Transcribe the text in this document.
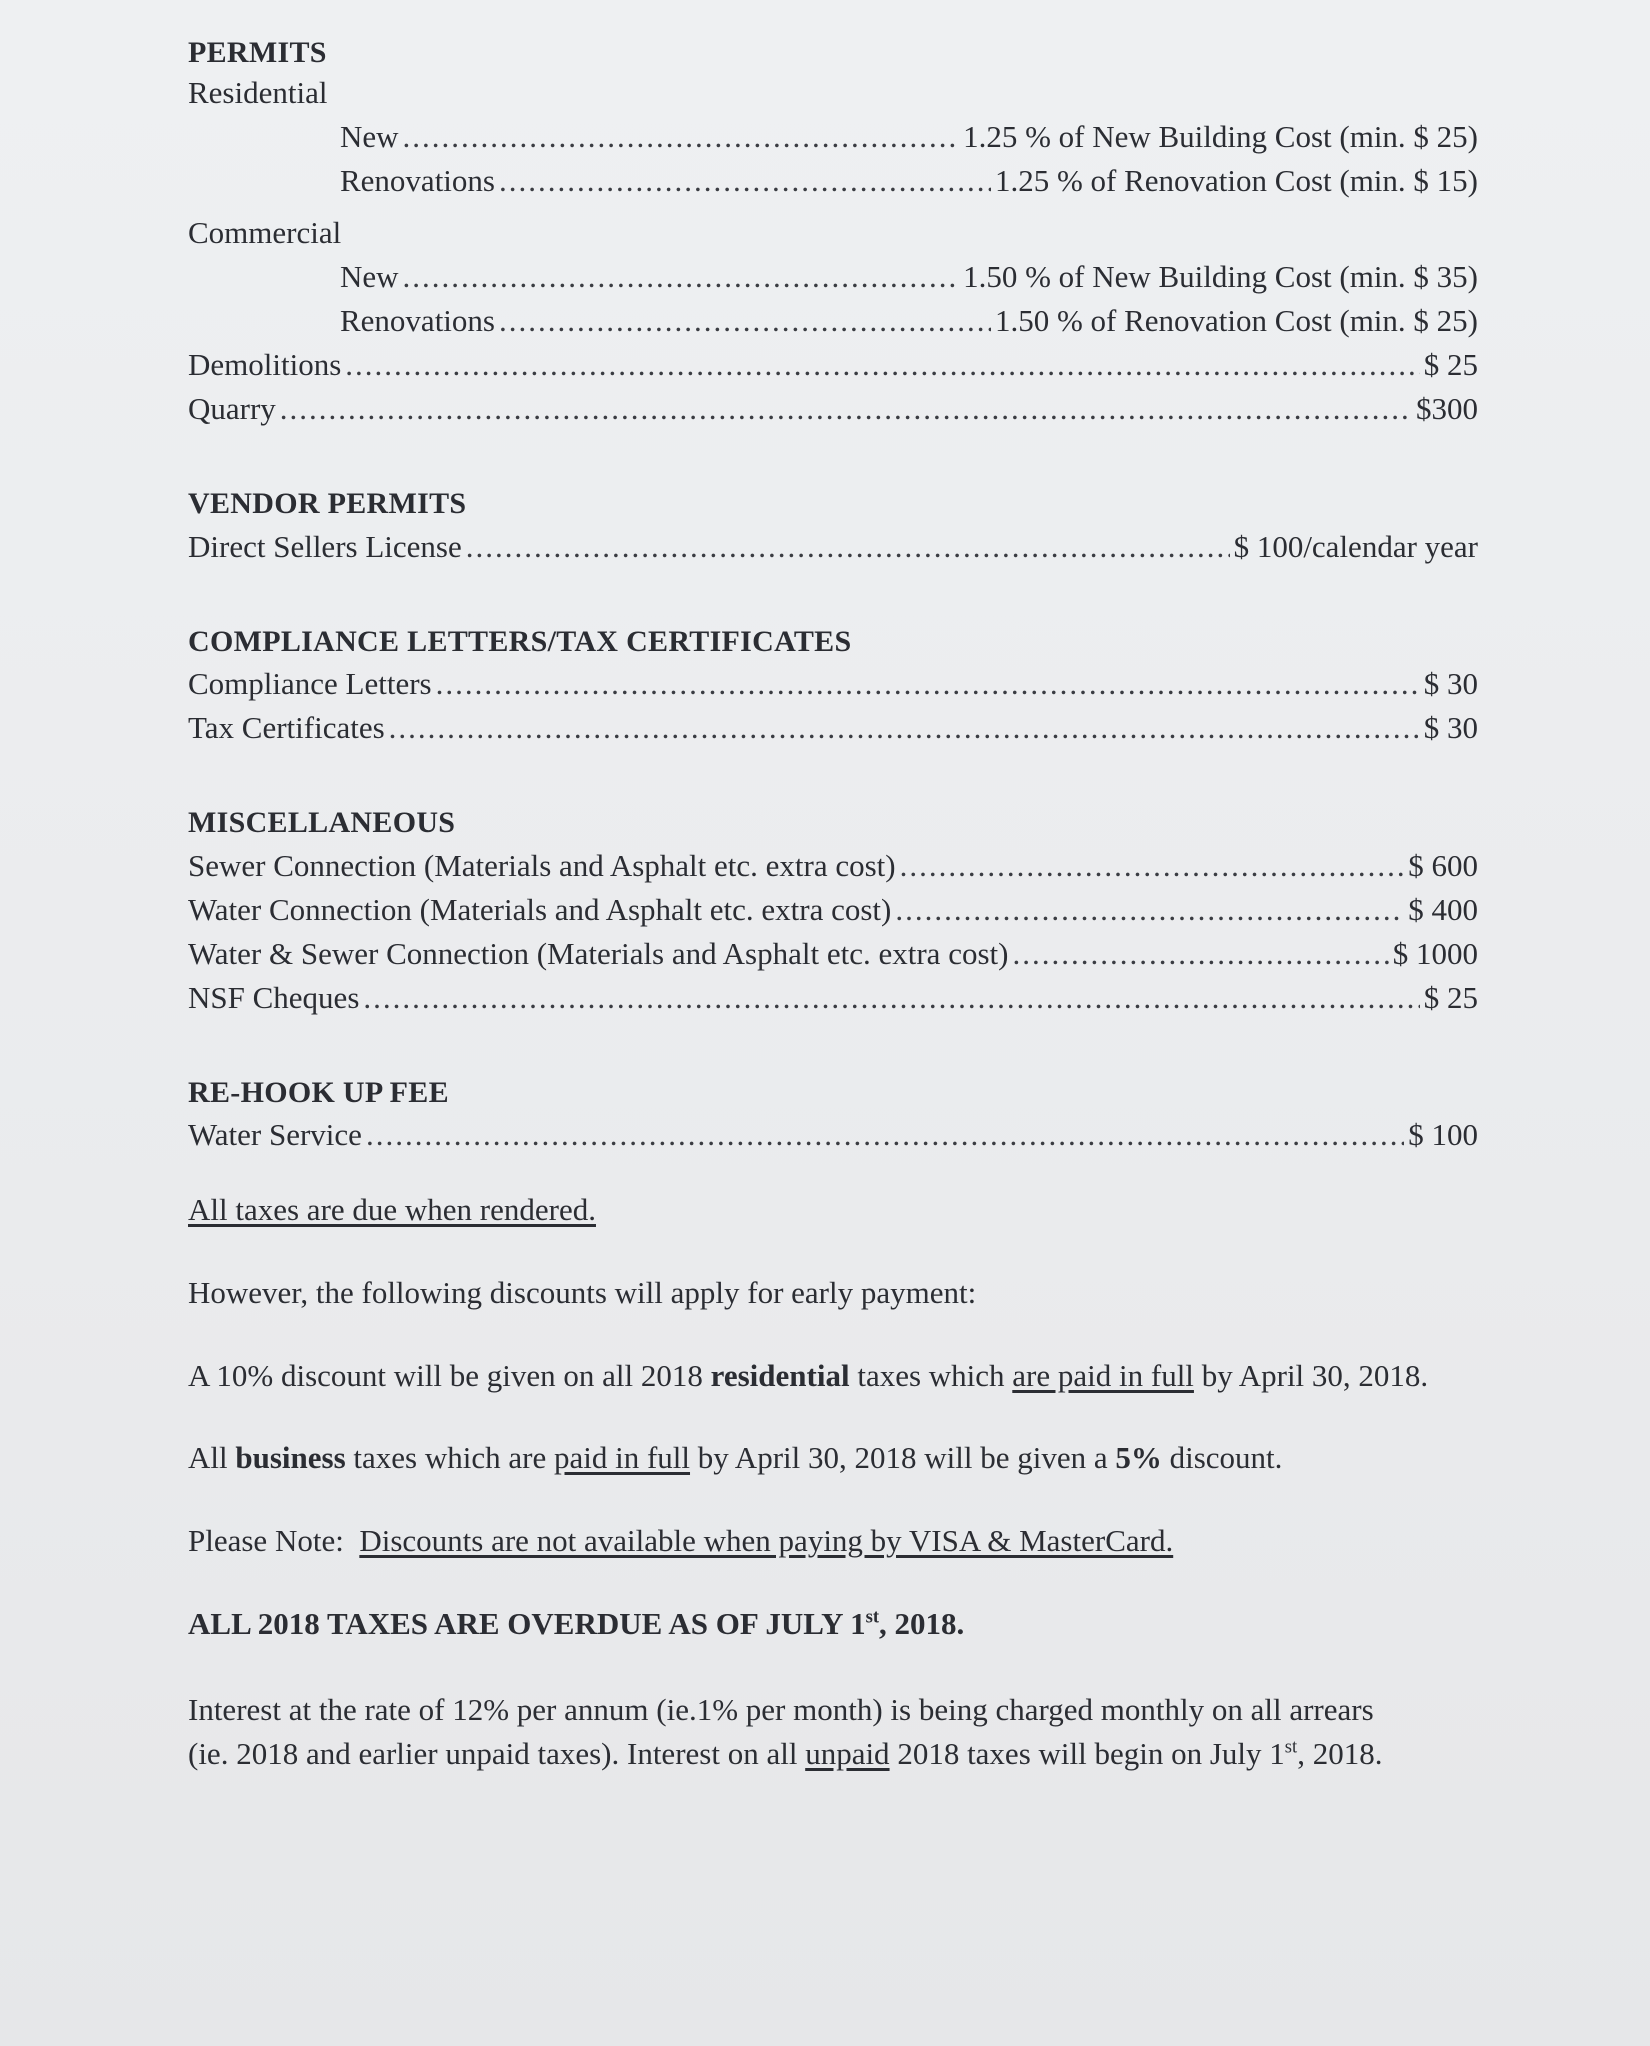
PERMITS
Residential
New .....	1.25 % of New Building Cost (min. $ 25)
Renovations .....	1.25 % of Renovation Cost (min. $ 15)
Commercial
New .....	1.50 % of New Building Cost (min. $ 35)
Renovations .....	1.50 % of Renovation Cost (min. $ 25)
Demolitions .....	$ 25
Quarry .....	$300
VENDOR PERMITS
Direct Sellers License .....	$ 100/calendar year
COMPLIANCE LETTERS/TAX CERTIFICATES
Compliance Letters .....	$ 30
Tax Certificates .....	$ 30
MISCELLANEOUS
Sewer Connection (Materials and Asphalt etc. extra cost) .....	$ 600
Water Connection (Materials and Asphalt etc. extra cost) .....	$ 400
Water & Sewer Connection (Materials and Asphalt etc. extra cost) .....	$ 1000
NSF Cheques .....	$ 25
RE-HOOK UP FEE
Water Service .....	$ 100

All taxes are due when rendered.

However, the following discounts will apply for early payment:

A 10% discount will be given on all 2018 residential taxes which are paid in full by April 30, 2018.

All business taxes which are paid in full by April 30, 2018 will be given a 5% discount.

Please Note: Discounts are not available when paying by VISA & MasterCard.

ALL 2018 TAXES ARE OVERDUE AS OF JULY 1st, 2018.

Interest at the rate of 12% per annum (ie.1% per month) is being charged monthly on all arrears
(ie. 2018 and earlier unpaid taxes). Interest on all unpaid 2018 taxes will begin on July 1st, 2018.
